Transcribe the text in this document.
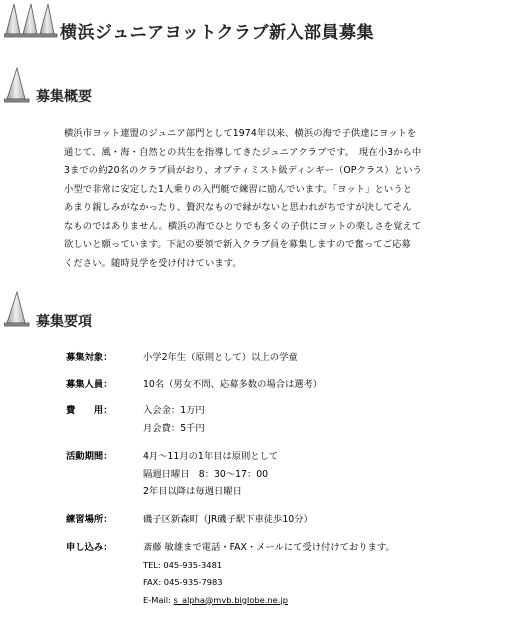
横浜ジュニアヨットクラブ新入部員募集
募集概要
横浜市ヨット連盟のジュニア部門として1974年以来、横浜の海で子供達にヨットを
通じて、風・海・自然との共生を指導してきたジュニアクラブです。　現在小3から中
3までの約20名のクラブ員がおり、オプティミスト級ディンギー（OPクラス）という
小型で非常に安定した1人乗りの入門艇で練習に励んでいます。「ヨット」というと
あまり親しみがなかったり、贅沢なもので縁がないと思われがちですが決してそん
なものではありません。横浜の海でひとりでも多くの子供にヨットの楽しさを覚えて
欲しいと願っています。下記の要領で新入クラブ員を募集しますので奮ってご応募
ください。随時見学を受け付けています。
募集要項
募集対象：	小学2年生（原則として）以上の学童
募集人員：	10名（男女不問、応募多数の場合は選考）
費　　用：	入会金：1万円
月会費：5千円
活動期間：	4月～11月の1年目は原則として
隔週日曜日　8：30～17：00
2年目以降は毎週日曜日
練習場所：	磯子区新森町（JR磯子駅下車徒歩10分）
申し込み：	斎藤 敏雄まで電話・FAX・メールにて受け付けております。
TEL: 045-935-3481
FAX: 045-935-7983
E-Mail: s_alpha@mvb.biglobe.ne.jp
